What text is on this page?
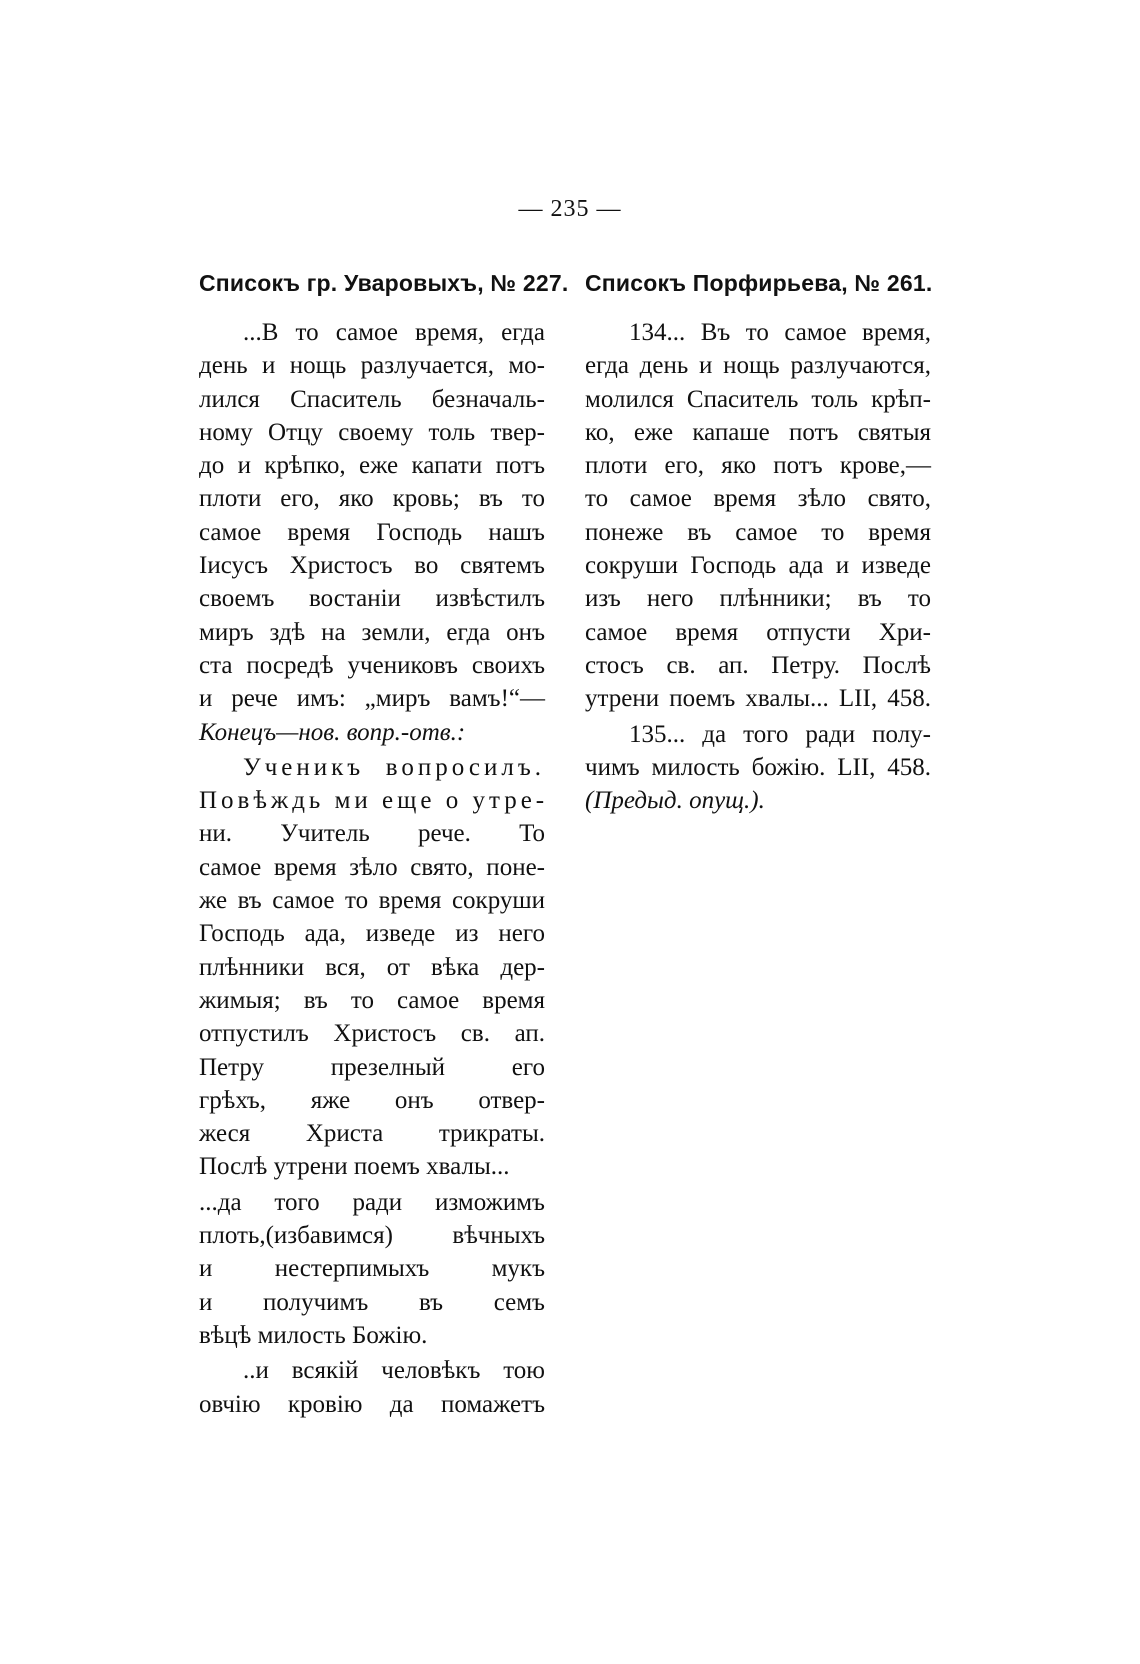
— 235 —
Списокъ гр. Уваровыхъ, № 227.
...В то самое время, егда
день и нощь разлучается, мо-
лился Спаситель безначаль-
ному Отцу своему толь твер-
до и крѣпко, еже капати потъ
плоти его, яко кровь; въ то
самое время Господь нашъ
Іисусъ Христосъ во святемъ
своемъ востаніи извѣстилъ
миръ здѣ на земли, егда онъ
ста посредѣ учениковъ своихъ
и рече имъ: „миръ вамъ!“—
Конецъ—нов. вопр.-отв.:
Ученикъ вопросилъ.
Повѣждь ми еще о утре-
ни. Учитель рече. То
самое время зѣло свято, поне-
же въ самое то время сокруши
Господь ада, изведе из него
плѣнники вся, от вѣка дер-
жимыя; въ то самое время
отпустилъ Христосъ св. ап.
Петру презелный его
грѣхъ, яже онъ отвер-
жеся Христа трикраты.
Послѣ утрени поемъ хвалы...
...да того ради изможимъ
плоть,(избавимся) вѣчныхъ
и нестерпимыхъ мукъ
и получимъ въ семъ
вѣцѣ милость Божію.
..и всякій человѣкъ тою
овчію кровію да помажетъ
Списокъ Порфирьева, № 261.
134... Въ то самое время,
егда день и нощь разлучаются,
молился Спаситель толь крѣп-
ко, еже капаше потъ святыя
плоти его, яко потъ крове,—
то самое время зѣло свято,
понеже въ самое то время
сокруши Господь ада и изведе
изъ него плѣнники; въ то
самое время отпусти Хри-
стосъ св. ап. Петру. Послѣ
утрени поемъ хвалы... LII, 458.
135... да того ради полу-
чимъ милость божію. LII, 458.
(Предыд. опущ.).
